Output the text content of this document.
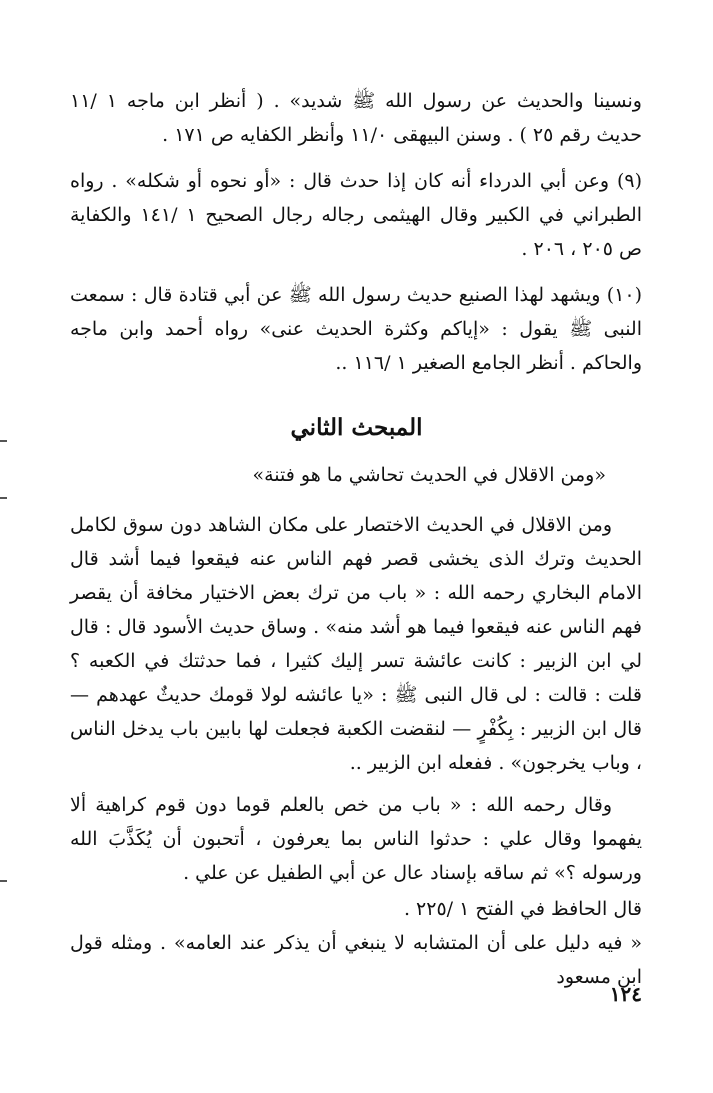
ونسينا والحديث عن رسول الله ﷺ شديد» . ( أنظر ابن ماجه ١ /١١ حديث رقم ٢٥ ) . وسنن البيهقى ١١/٠ وأنظر الكفايه ص ١٧١ .

(٩) وعن أبي الدرداء أنه كان إذا حدث قال : «أو نحوه أو شكله» . رواه الطبراني في الكبير وقال الهيثمى رجاله رجال الصحيح ١ /١٤١ والكفاية ص ٢٠٥ ، ٢٠٦ .

(١٠) ويشهد لهذا الصنيع حديث رسول الله ﷺ عن أبي قتادة قال : سمعت النبى ﷺ يقول : «إياكم وكثرة الحديث عنى» رواه أحمد وابن ماجه والحاكم . أنظر الجامع الصغير ١ /١١٦ ..

المبحث الثاني
«ومن الاقلال في الحديث تحاشي ما هو فتنة»

ومن الاقلال في الحديث الاختصار على مكان الشاهد دون سوق لكامل الحديث وترك الذى يخشى قصر فهم الناس عنه فيقعوا فيما أشد قال الامام البخاري رحمه الله : « باب من ترك بعض الاختيار مخافة أن يقصر فهم الناس عنه فيقعوا فيما هو أشد منه» . وساق حديث الأسود قال : قال لي ابن الزبير : كانت عائشة تسر إليك كثيرا ، فما حدثتك في الكعبه ؟ قلت : قالت : لى قال النبى ﷺ : «يا عائشه لولا قومك حديثٌ عهدهم — قال ابن الزبير : بِكُفْرٍ — لنقضت الكعبة فجعلت لها بابين باب يدخل الناس ، وباب يخرجون» . ففعله ابن الزبير ..

وقال رحمه الله : « باب من خص بالعلم قوما دون قوم كراهية ألا يفهموا وقال علي : حدثوا الناس بما يعرفون ، أتحبون أن يُكَذَّبَ الله ورسوله ؟» ثم ساقه بإسناد عال عن أبي الطفيل عن علي .

قال الحافظ في الفتح ١ /٢٢٥ .

« فيه دليل على أن المتشابه لا ينبغي أن يذكر عند العامه» . ومثله قول ابن مسعود

١٢٤
